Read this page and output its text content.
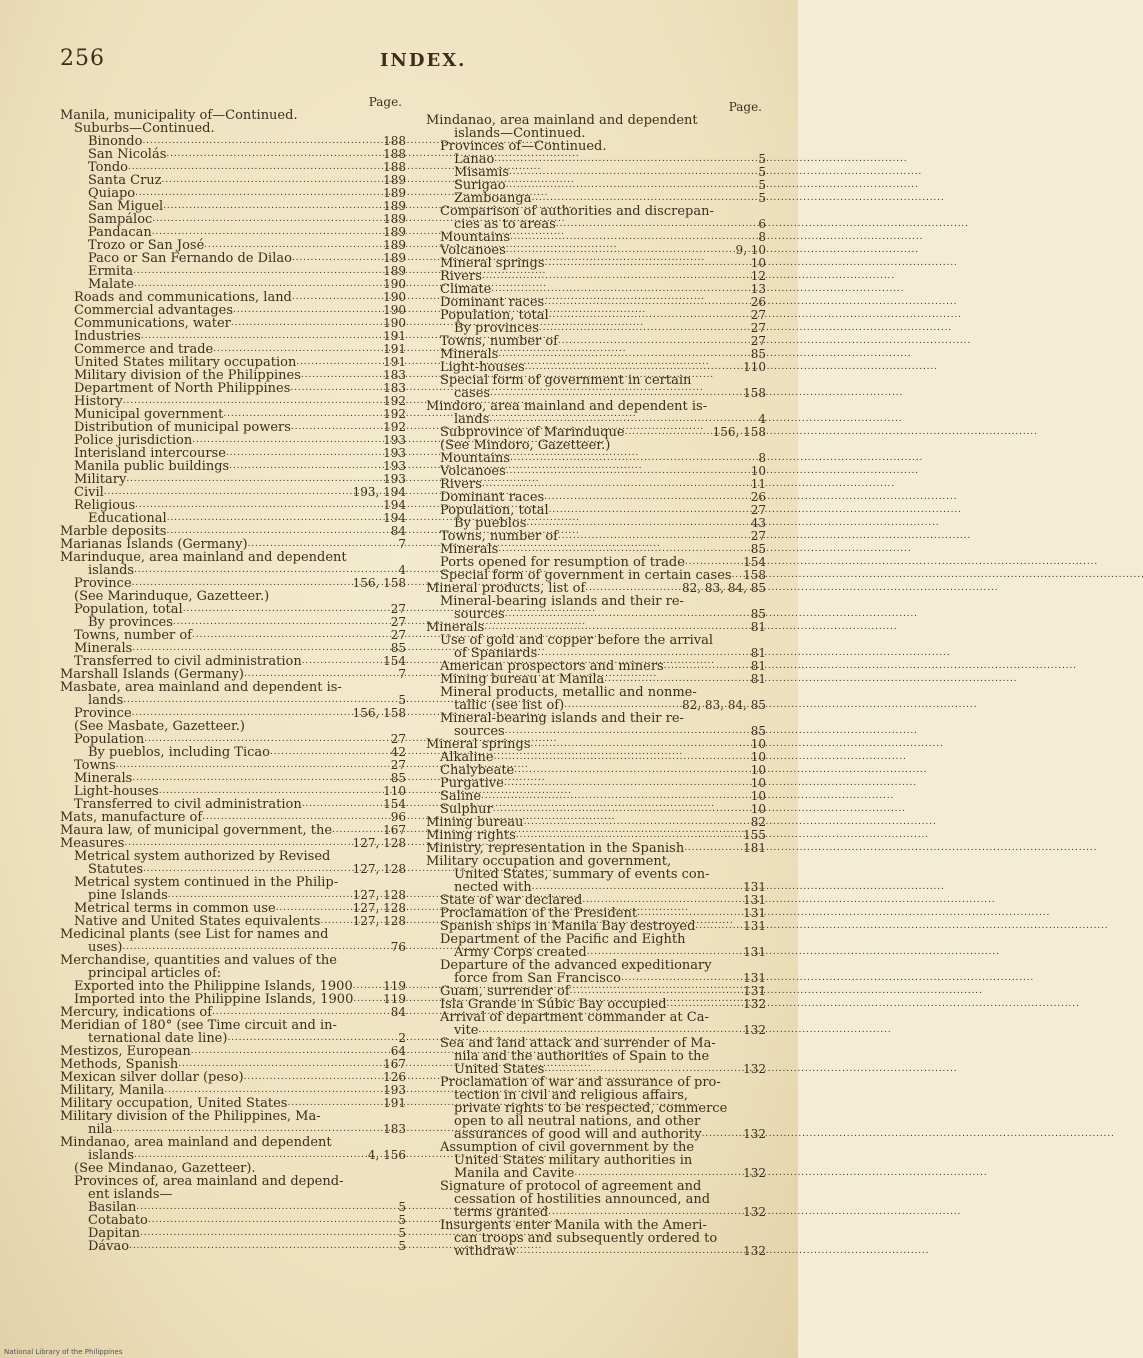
256	INDEX.
Page.
Manila, municipality of—Continued.
Suburbs—Continued.
Binondo . . .	188
San Nicolás . . .	188
Tondo . . .	188
Santa Cruz . . .	189
Quiapo . . .	189
San Miguel . . .	189
Sampáloc . . .	189
Pandacan . . .	189
Trozo or San José . . .	189
Paco or San Fernando de Dilao . . .	189
Ermita . . .	189
Malate . . .	190
Roads and communications, land . . .	190
Commercial advantages . . .	190
Communications, water . . .	190
Industries . . .	191
Commerce and trade . . .	191
United States military occupation . . .	191
Military division of the Philippines . . .	183
Department of North Philippines . . .	183
History . . .	192
Municipal government . . .	192
Distribution of municipal powers . . .	192
Police jurisdiction . . .	193
Interisland intercourse . . .	193
Manila public buildings . . .	193
Military . . .	193
Civil . . .	193, 194
Religious . . .	194
Educational . . .	194
Marble deposits . . .	84
Marianas Islands (Germany) . . .	7
Marinduque, area mainland and dependent
islands . . .	4
Province . . .	156, 158
(See Marinduque, Gazetteer.)
Population, total . . .	27
By provinces . . .	27
Towns, number of . . .	27
Minerals . . .	85
Transferred to civil administration . . .	154
Marshall Islands (Germany) . . .	7
Masbate, area mainland and dependent is-
lands . . .	5
Province . . .	156, 158
(See Masbate, Gazetteer.)
Population . . .	27
By pueblos, including Ticao . . .	42
Towns . . .	27
Minerals . . .	85
Light-houses . . .	110
Transferred to civil administration . . .	154
Mats, manufacture of . . .	96
Maura law, of municipal government, the . . .	167
Measures . . .	127, 128
Metrical system authorized by Revised
Statutes . . .	127, 128
Metrical system continued in the Philip-
pine Islands . . .	127, 128
Metrical terms in common use . . .	127, 128
Native and United States equivalents . . .	127, 128
Medicinal plants (see List for names and
uses) . . .	76
Merchandise, quantities and values of the
principal articles of:
Exported into the Philippine Islands, 1900 . . .	119
Imported into the Philippine Islands, 1900 . . . 119
Mercury, indications of . . .	84
Meridian of 180° (see Time circuit and in-
ternational date line) . . .	2
Mestizos, European . . .	64
Methods, Spanish . . .	167
Mexican silver dollar (peso) . . .	126
Military, Manila . . .	193
Military occupation, United States . . .	191
Military division of the Philippines, Ma-
nila . . .	183
Mindanao, area mainland and dependent
islands . . .	4, 156
(See Mindanao, Gazetteer).
Provinces of, area mainland and depend-
ent islands—
Basilan . . .	5
Cotabato . . .	5
Dapitan . . .	5
Dávao . . .	5
Page.
Mindanao, area mainland and dependent
islands—Continued.
Provinces of—Continued.
Lanao . . .	5
Misamis . . .	5
Surigao . . .	5
Zamboanga . . .	5
Comparison of authorities and discrepan-
cies as to areas . . .	6
Mountains . . .	8
Volcanoes . . .	9, 10
Mineral springs . . .	10
Rivers . . .	12
Climate . . .	13
Dominant races . . .	26
Population, total . . .	27
By provinces . . .	27
Towns, number of . . .	27
Minerals . . .	85
Light-houses . . .	110
Special form of government in certain
cases . . .	158
Mindoro, area mainland and dependent is-
lands . . .	4
Subprovince of Marinduque . . .	156, 158
(See Mindoro, Gazetteer.)
Mountains . . .	8
Volcanoes . . .	10
Rivers . . .	11
Dominant races . . .	26
Population, total . . .	27
By pueblos . . .	43
Towns, number of . . .	27
Minerals . . .	85
Ports opened for resumption of trade . . .	154
Special form of government in certain cases . . . 158
Mineral products, list of . . .	82, 83, 84, 85
Mineral-bearing islands and their re-
sources . . .	85
Minerals . . .	81
Use of gold and copper before the arrival
of Spaniards . . .	81
American prospectors and miners . . .	81
Mining bureau at Manila . . .	81
Mineral products, metallic and nonme-
tallic (see list of) . . .	82, 83, 84, 85
Mineral-bearing islands and their re-
sources . . .	85
Mineral springs . . .	10
Alkaline . . .	10
Chalybeate . . .	10
Purgative . . .	10
Saline . . .	10
Sulphur . . .	10
Mining bureau . . .	82
Mining rights . . .	155
Ministry, representation in the Spanish . . .	181
Military occupation and government,
United States, summary of events con-
nected with . . .	131
State of war declared . . .	131
Proclamation of the President . . .	131
Spanish ships in Manila Bay destroyed . . .	131
Department of the Pacific and Eighth
Army Corps created . . .	131
Departure of the advanced expeditionary
force from San Francisco . . .	131
Guam, surrender of . . .	131
Isla Grande in Súbic Bay occupied . . .	132
Arrival of department commander at Ca-
vite . . .	132
Sea and land attack and surrender of Ma-
nila and the authorities of Spain to the
United States . . .	132
Proclamation of war and assurance of pro-
tection in civil and religious affairs,
private rights to be respected, commerce
open to all neutral nations, and other
assurances of good will and authority . . .	132
Assumption of civil government by the
United States military authorities in
Manila and Cavite . . .	132
Signature of protocol of agreement and
cessation of hostilities announced, and
terms granted . . .	132
Insurgents enter Manila with the Ameri-
can troops and subsequently ordered to
withdraw . . .	132
National Library of the Philippines
